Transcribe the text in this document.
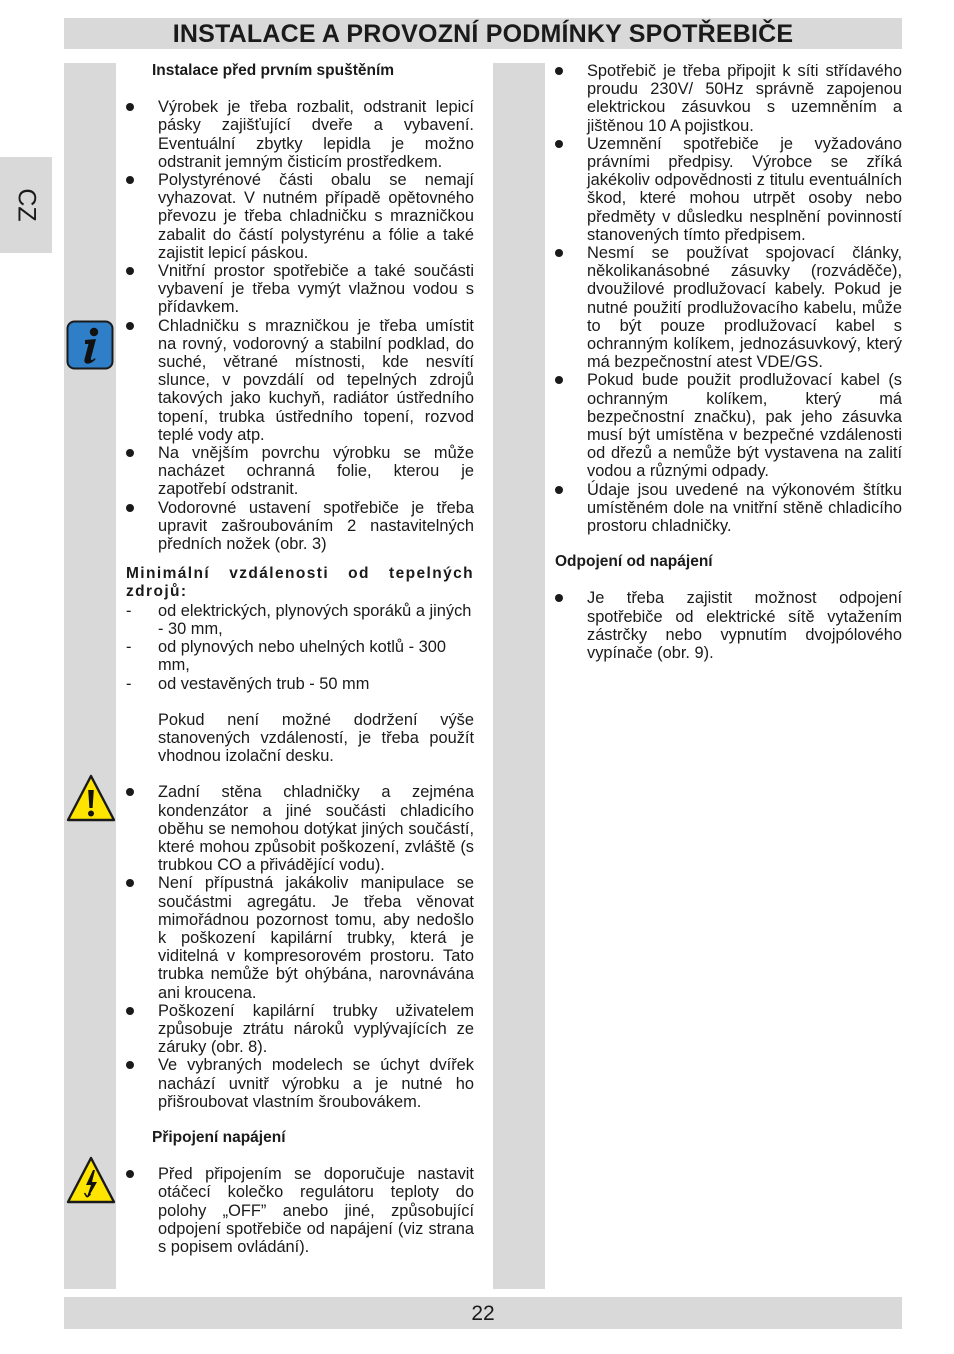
INSTALACE A PROVOZNÍ PODMÍNKY SPOTŘEBIČE
CZ

Instalace před prvním spuštěním

Výrobek je třeba rozbalit, odstranit lepicí pásky zajišťující dveře a vybavení. Eventuální zbytky lepidla je možno odstranit jemným čisticím prostředkem.
Polystyrénové části obalu se nemají vyhazovat. V nutném případě opětovného převozu je třeba chladničku s mrazničkou zabalit do částí polystyrénu a fólie a také zajistit lepicí páskou.
Vnitřní prostor spotřebiče a také součásti vybavení je třeba vymýt vlažnou vodou s přídavkem.
Chladničku s mrazničkou je třeba umístit na rovný, vodorovný a stabilní podklad, do suché, větrané místnosti, kde nesvítí slunce, v povzdálí od tepelných zdrojů takových jako kuchyň, radiátor ústředního topení, trubka ústředního topení, rozvod teplé vody atp.
Na vnějším povrchu výrobku se může nacházet ochranná folie, kterou je zapotřebí odstranit.
Vodorovné ustavení spotřebiče je třeba upravit zašroubováním 2 nastavitelných předních nožek (obr. 3)

Minimální vzdálenosti od tepelných zdrojů:

- od elektrických, plynových sporáků a jiných - 30 mm,
- od plynových nebo uhelných kotlů - 300 mm,
- od vestavěných trub - 50 mm

Pokud není možné dodržení výše stanovených vzdáleností, je třeba použít vhodnou izolační desku.

Zadní stěna chladničky a zejména kondenzátor a jiné součásti chladicího oběhu se nemohou dotýkat jiných součástí, které mohou způsobit poškození, zvláště (s trubkou CO a přivádějící vodu).
Není přípustná jakákoliv manipulace se součástmi agregátu. Je třeba věnovat mimořádnou pozornost tomu, aby nedošlo k poškození kapilární trubky, která je viditelná v kompresorovém prostoru. Tato trubka nemůže být ohýbána, narovnávána ani kroucena.
Poškození kapilární trubky uživatelem způsobuje ztrátu nároků vyplývajících ze záruky (obr. 8).
Ve vybraných modelech se úchyt dvířek nachází uvnitř výrobku a je nutné ho přišroubovat vlastním šroubovákem.

Připojení napájení

Před připojením se doporučuje nastavit otáčecí kolečko regulátoru teploty do polohy „OFF” anebo jiné, způsobující odpojení spotřebiče od napájení (viz strana s popisem ovládání).
Spotřebič je třeba připojit k síti střídavého proudu 230V/ 50Hz správně zapojenou elektrickou zásuvkou s uzemněním a jištěnou 10 A pojistkou.
Uzemnění spotřebiče je vyžadováno právními předpisy. Výrobce se zříká jakékoliv odpovědnosti z titulu eventuálních škod, které mohou utrpět osoby nebo předměty v důsledku nesplnění povinností stanovených tímto předpisem.
Nesmí se používat spojovací články, několikanásobné zásuvky (rozváděče), dvoužilové prodlužovací kabely. Pokud je nutné použití prodlužovacího kabelu, může to být pouze prodlužovací kabel s ochranným kolíkem, jednozásuvkový, který má bezpečnostní atest VDE/GS.
Pokud bude použit prodlužovací kabel (s ochranným kolíkem, který má bezpečnostní značku), pak jeho zásuvka musí být umístěna v bezpečné vzdálenosti od dřezů a nemůže být vystavena na zalití vodou a různými odpady.
Údaje jsou uvedené na výkonovém štítku umístěném dole na vnitřní stěně chladicího prostoru chladničky.

Odpojení od napájení

Je třeba zajistit možnost odpojení spotřebiče od elektrické sítě vytažením zástrčky nebo vypnutím dvojpólového vypínače (obr. 9).
22
